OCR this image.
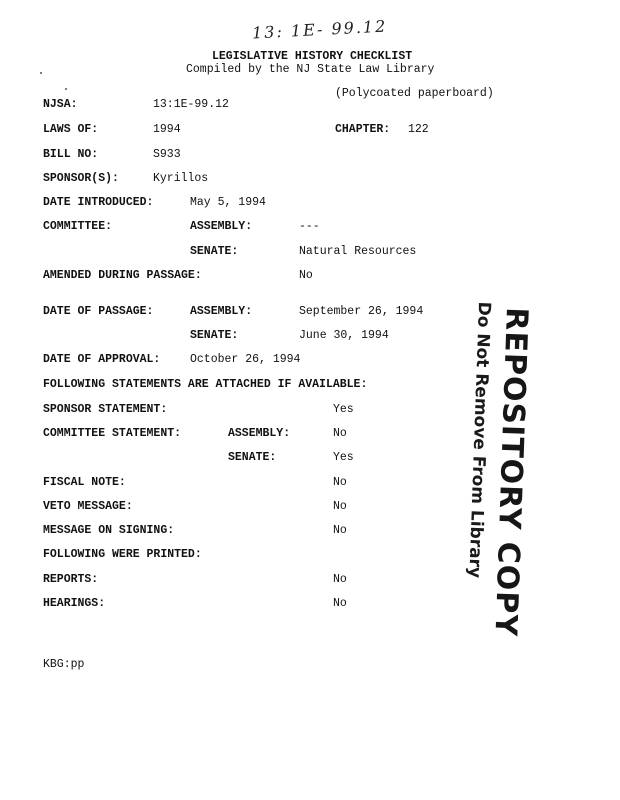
13: 1E- 99.12
LEGISLATIVE HISTORY CHECKLIST
Compiled by the NJ State Law Library
(Polycoated paperboard)
NJSA:	13:1E-99.12
LAWS OF:	1994	CHAPTER: 122
BILL NO:	S933
SPONSOR(S):	Kyrillos
DATE INTRODUCED:	May 5, 1994
COMMITTEE:	ASSEMBLY:	---
SENATE:	Natural Resources
AMENDED DURING PASSAGE:	No
DATE OF PASSAGE:	ASSEMBLY:	September 26, 1994
SENATE:	June 30, 1994
DATE OF APPROVAL:	October 26, 1994
FOLLOWING STATEMENTS ARE ATTACHED IF AVAILABLE:
SPONSOR STATEMENT:	Yes
COMMITTEE STATEMENT:	ASSEMBLY:	No
SENATE:	Yes
FISCAL NOTE:	No
VETO MESSAGE:	No
MESSAGE ON SIGNING:	No
FOLLOWING WERE PRINTED:
REPORTS:	No
HEARINGS:	No
KBG:pp
REPOSITORY COPY
Do Not Remove From Library
